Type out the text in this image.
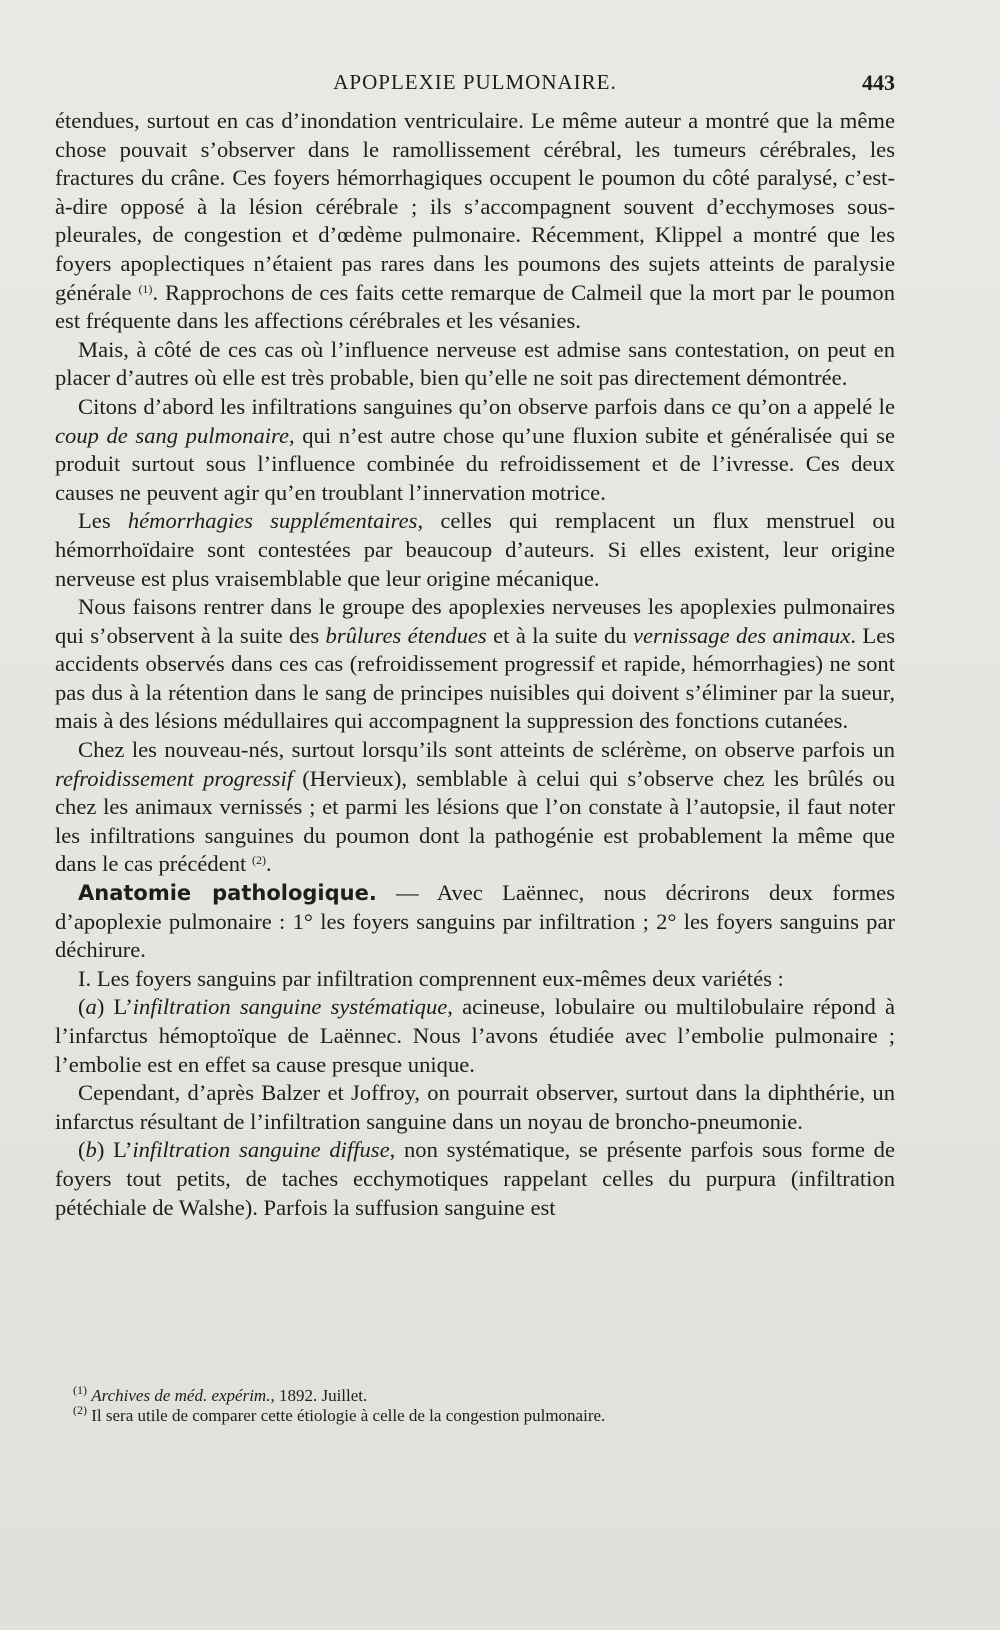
APOPLEXIE PULMONAIRE.	443

étendues, surtout en cas d’inondation ventriculaire. Le même auteur a montré que la même chose pouvait s’observer dans le ramollissement cérébral, les tumeurs cérébrales, les fractures du crâne. Ces foyers hémorrhagiques occupent le poumon du côté paralysé, c’est-à-dire opposé à la lésion cérébrale ; ils s’accompagnent souvent d’ecchymoses sous-pleurales, de congestion et d’œdème pulmonaire. Récemment, Klippel a montré que les foyers apoplectiques n’étaient pas rares dans les poumons des sujets atteints de paralysie générale $^{(1)}$. Rapprochons de ces faits cette remarque de Calmeil que la mort par le poumon est fréquente dans les affections cérébrales et les vésanies.

Mais, à côté de ces cas où l’influence nerveuse est admise sans contestation, on peut en placer d’autres où elle est très probable, bien qu’elle ne soit pas directement démontrée.

Citons d’abord les infiltrations sanguines qu’on observe parfois dans ce qu’on a appelé le coup de sang pulmonaire, qui n’est autre chose qu’une fluxion subite et généralisée qui se produit surtout sous l’influence combinée du refroidissement et de l’ivresse. Ces deux causes ne peuvent agir qu’en troublant l’innervation motrice.

Les hémorrhagies supplémentaires, celles qui remplacent un flux menstruel ou hémorrhoïdaire sont contestées par beaucoup d’auteurs. Si elles existent, leur origine nerveuse est plus vraisemblable que leur origine mécanique.

Nous faisons rentrer dans le groupe des apoplexies nerveuses les apoplexies pulmonaires qui s’observent à la suite des brûlures étendues et à la suite du vernissage des animaux. Les accidents observés dans ces cas (refroidissement progressif et rapide, hémorrhagies) ne sont pas dus à la rétention dans le sang de principes nuisibles qui doivent s’éliminer par la sueur, mais à des lésions médullaires qui accompagnent la suppression des fonctions cutanées.

Chez les nouveau-nés, surtout lorsqu’ils sont atteints de sclérème, on observe parfois un refroidissement progressif (Hervieux), semblable à celui qui s’observe chez les brûlés ou chez les animaux vernissés ; et parmi les lésions que l’on constate à l’autopsie, il faut noter les infiltrations sanguines du poumon dont la pathogénie est probablement la même que dans le cas précédent $^{(2)}$.

Anatomie pathologique. — Avec Laënnec, nous décrirons deux formes d’apoplexie pulmonaire : 1° les foyers sanguins par infiltration ; 2° les foyers sanguins par déchirure.

I. Les foyers sanguins par infiltration comprennent eux-mêmes deux variétés :

(a) L’infiltration sanguine systématique, acineuse, lobulaire ou multilobulaire répond à l’infarctus hémoptoïque de Laënnec. Nous l’avons étudiée avec l’embolie pulmonaire ; l’embolie est en effet sa cause presque unique.

Cependant, d’après Balzer et Joffroy, on pourrait observer, surtout dans la diphthérie, un infarctus résultant de l’infiltration sanguine dans un noyau de broncho-pneumonie.

(b) L’infiltration sanguine diffuse, non systématique, se présente parfois sous forme de foyers tout petits, de taches ecchymotiques rappelant celles du purpura (infiltration pétéchiale de Walshe). Parfois la suffusion sanguine est

$^{(1)}$ Archives de méd. expérim., 1892. Juillet.

$^{(2)}$ Il sera utile de comparer cette étiologie à celle de la congestion pulmonaire.
